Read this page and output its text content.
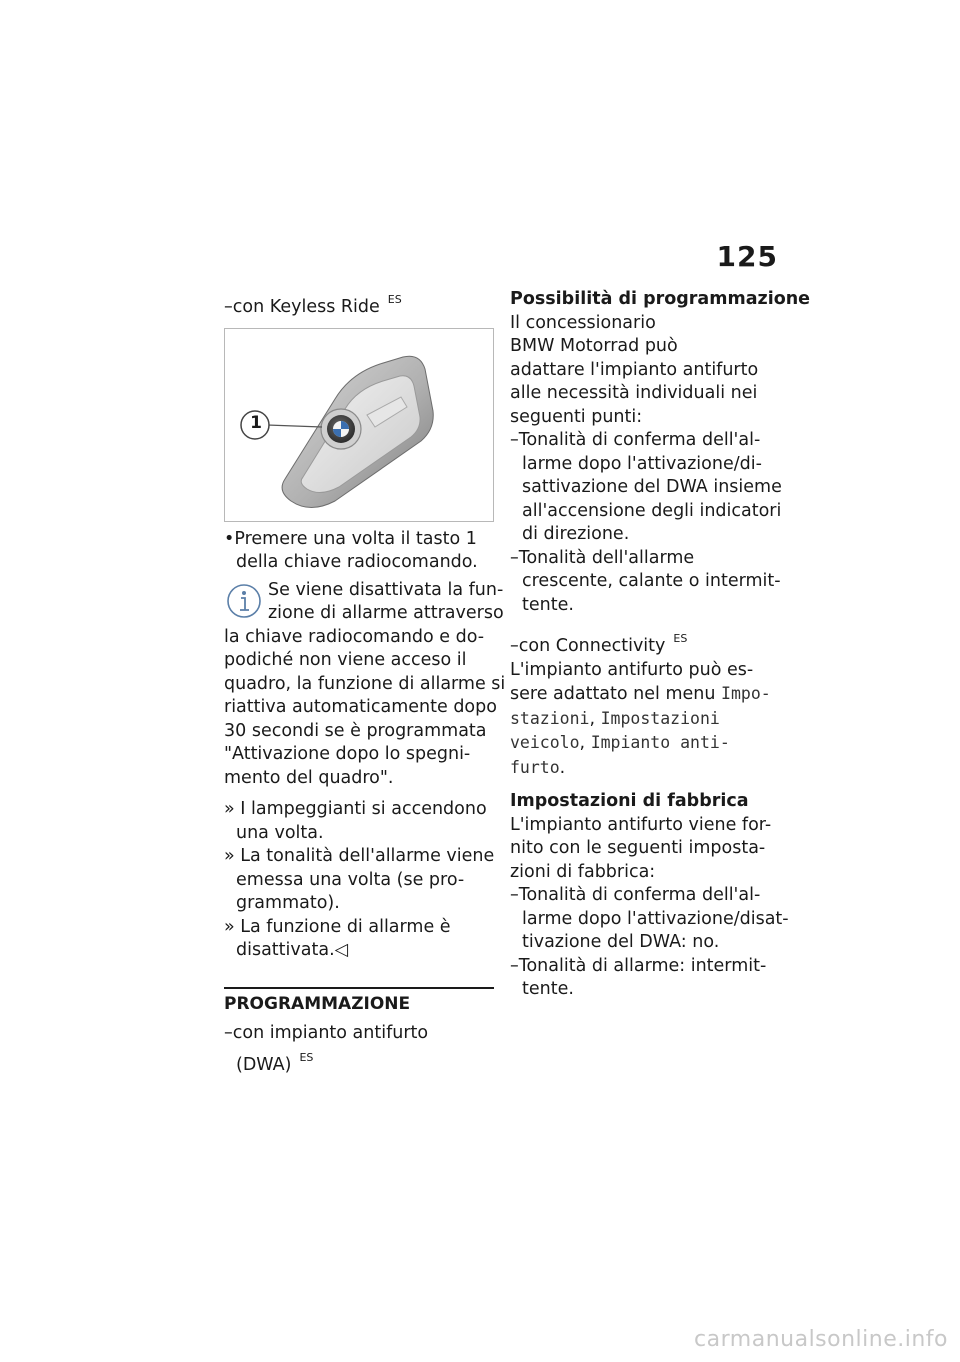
125
–con Keyless Ride $^{ES}$
1
•Premere una volta il tasto 1
della chiave radiocomando.
Se viene disattivata la fun-
zione di allarme attraverso
la chiave radiocomando e do-
podiché non viene acceso il
quadro, la funzione di allarme si
riattiva automaticamente dopo
30 secondi se è programmata
"Attivazione dopo lo spegni-
mento del quadro".
» I lampeggianti si accendono
una volta.
» La tonalità dell'allarme viene
emessa una volta (se pro-
grammato).
» La funzione di allarme è
disattivata.◁
PROGRAMMAZIONE
–con impianto antifurto
(DWA) $^{ES}$
Possibilità di programmazione
Il concessionario
BMW Motorrad può
adattare l'impianto antifurto
alle necessità individuali nei
seguenti punti:
–Tonalità di conferma dell'al-
larme dopo l'attivazione/di-
sattivazione del DWA insieme
all'accensione degli indicatori
di direzione.
–Tonalità dell'allarme
crescente, calante o intermit-
tente.
–con Connectivity $^{ES}$
L'impianto antifurto può es-
sere adattato nel menu Impo-
stazioni, Impostazioni
veicolo, Impianto anti-
furto.
Impostazioni di fabbrica
L'impianto antifurto viene for-
nito con le seguenti imposta-
zioni di fabbrica:
–Tonalità di conferma dell'al-
larme dopo l'attivazione/disat-
tivazione del DWA: no.
–Tonalità di allarme: intermit-
tente.
carmanualsonline.info
